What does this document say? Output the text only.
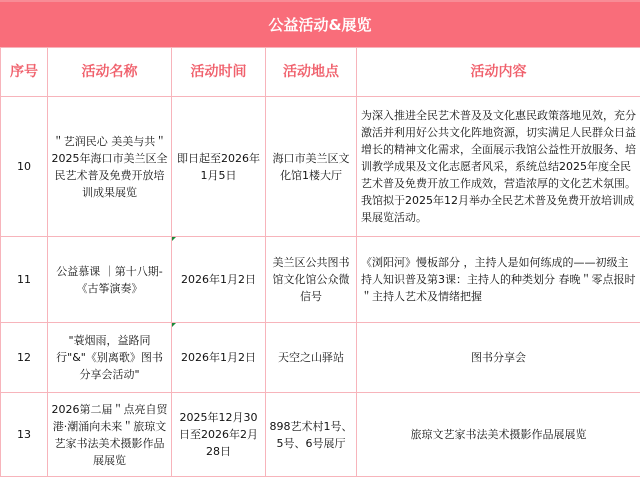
公益活动&展览
序号	活动名称	活动时间	活动地点	活动内容
10	＂艺润民心 美美与共＂2025年海口市美兰区全民艺术普及免费开放培训成果展览	即日起至2026年1月5日	海口市美兰区文化馆1楼大厅	为深入推进全民艺术普及及文化惠民政策落地见效，充分激活并利用好公共文化阵地资源，切实满足人民群众日益增长的精神文化需求，全面展示我馆公益性开放服务、培训教学成果及文化志愿者风采，系统总结2025年度全民艺术普及免费开放工作成效，营造浓厚的文化艺术氛围。我馆拟于2025年12月举办全民艺术普及免费开放培训成果展览活动。
11	公益慕课 ｜第十八期-《古筝演奏》	2026年1月2日	美兰区公共图书馆文化馆公众微信号	《浏阳河》慢板部分 ，主持人是如何练成的——初级主持人知识普及第3课：主持人的种类划分 春晚＂零点报时＂主持人艺术及情绪把握
12	"蓑烟雨，益路同行"&"《别离歌》图书分享会活动"	2026年1月2日	天空之山驿站	图书分享会
13	2026第二届＂点亮自贸港·潮涌向未来＂旅琼文艺家书法美术摄影作品展展览	2025年12月30日至2026年2月28日	898艺术村1号、5号、6号展厅	旅琼文艺家书法美术摄影作品展展览
